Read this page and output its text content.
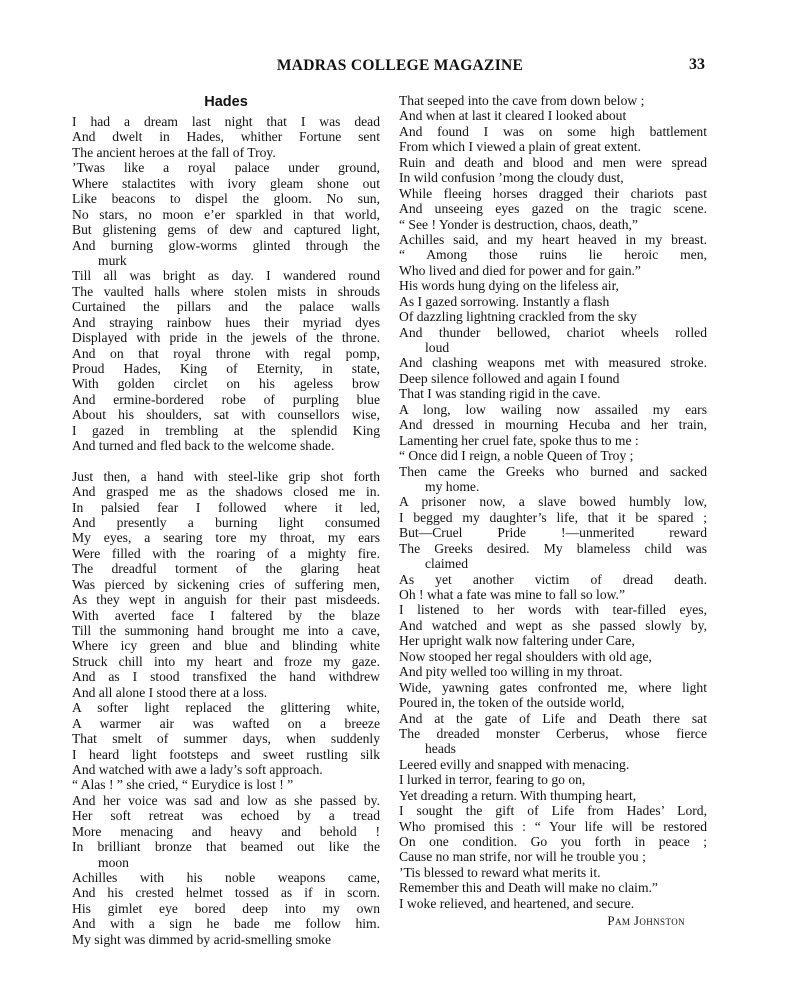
MADRAS COLLEGE MAGAZINE	33
Hades
I had a dream last night that I was dead
And dwelt in Hades, whither Fortune sent
The ancient heroes at the fall of Troy.
’Twas like a royal palace under ground,
Where stalactites with ivory gleam shone out
Like beacons to dispel the gloom. No sun,
No stars, no moon e’er sparkled in that world,
But glistening gems of dew and captured light,
And burning glow-worms glinted through the
murk
Till all was bright as day. I wandered round
The vaulted halls where stolen mists in shrouds
Curtained the pillars and the palace walls
And straying rainbow hues their myriad dyes
Displayed with pride in the jewels of the throne.
And on that royal throne with regal pomp,
Proud Hades, King of Eternity, in state,
With golden circlet on his ageless brow
And ermine-bordered robe of purpling blue
About his shoulders, sat with counsellors wise,
I gazed in trembling at the splendid King
And turned and fled back to the welcome shade.
Just then, a hand with steel-like grip shot forth
And grasped me as the shadows closed me in.
In palsied fear I followed where it led,
And presently a burning light consumed
My eyes, a searing tore my throat, my ears
Were filled with the roaring of a mighty fire.
The dreadful torment of the glaring heat
Was pierced by sickening cries of suffering men,
As they wept in anguish for their past misdeeds.
With averted face I faltered by the blaze
Till the summoning hand brought me into a cave,
Where icy green and blue and blinding white
Struck chill into my heart and froze my gaze.
And as I stood transfixed the hand withdrew
And all alone I stood there at a loss.
A softer light replaced the glittering white,
A warmer air was wafted on a breeze
That smelt of summer days, when suddenly
I heard light footsteps and sweet rustling silk
And watched with awe a lady’s soft approach.
“ Alas ! ” she cried, “ Eurydice is lost ! ”
And her voice was sad and low as she passed by.
Her soft retreat was echoed by a tread
More menacing and heavy and behold !
In brilliant bronze that beamed out like the
moon
Achilles with his noble weapons came,
And his crested helmet tossed as if in scorn.
His gimlet eye bored deep into my own
And with a sign he bade me follow him.
My sight was dimmed by acrid-smelling smoke
That seeped into the cave from down below ;
And when at last it cleared I looked about
And found I was on some high battlement
From which I viewed a plain of great extent.
Ruin and death and blood and men were spread
In wild confusion ’mong the cloudy dust,
While fleeing horses dragged their chariots past
And unseeing eyes gazed on the tragic scene.
“ See ! Yonder is destruction, chaos, death,”
Achilles said, and my heart heaved in my breast.
“ Among those ruins lie heroic men,
Who lived and died for power and for gain.”
His words hung dying on the lifeless air,
As I gazed sorrowing. Instantly a flash
Of dazzling lightning crackled from the sky
And thunder bellowed, chariot wheels rolled
loud
And clashing weapons met with measured stroke.
Deep silence followed and again I found
That I was standing rigid in the cave.
A long, low wailing now assailed my ears
And dressed in mourning Hecuba and her train,
Lamenting her cruel fate, spoke thus to me :
“ Once did I reign, a noble Queen of Troy ;
Then came the Greeks who burned and sacked
my home.
A prisoner now, a slave bowed humbly low,
I begged my daughter’s life, that it be spared ;
But—Cruel Pride !—unmerited reward
The Greeks desired. My blameless child was
claimed
As yet another victim of dread death.
Oh ! what a fate was mine to fall so low.”
I listened to her words with tear-filled eyes,
And watched and wept as she passed slowly by,
Her upright walk now faltering under Care,
Now stooped her regal shoulders with old age,
And pity welled too willing in my throat.
Wide, yawning gates confronted me, where light
Poured in, the token of the outside world,
And at the gate of Life and Death there sat
The dreaded monster Cerberus, whose fierce
heads
Leered evilly and snapped with menacing.
I lurked in terror, fearing to go on,
Yet dreading a return. With thumping heart,
I sought the gift of Life from Hades’ Lord,
Who promised this : “ Your life will be restored
On one condition. Go you forth in peace ;
Cause no man strife, nor will he trouble you ;
’Tis blessed to reward what merits it.
Remember this and Death will make no claim.”
I woke relieved, and heartened, and secure.
Pam Johnston
